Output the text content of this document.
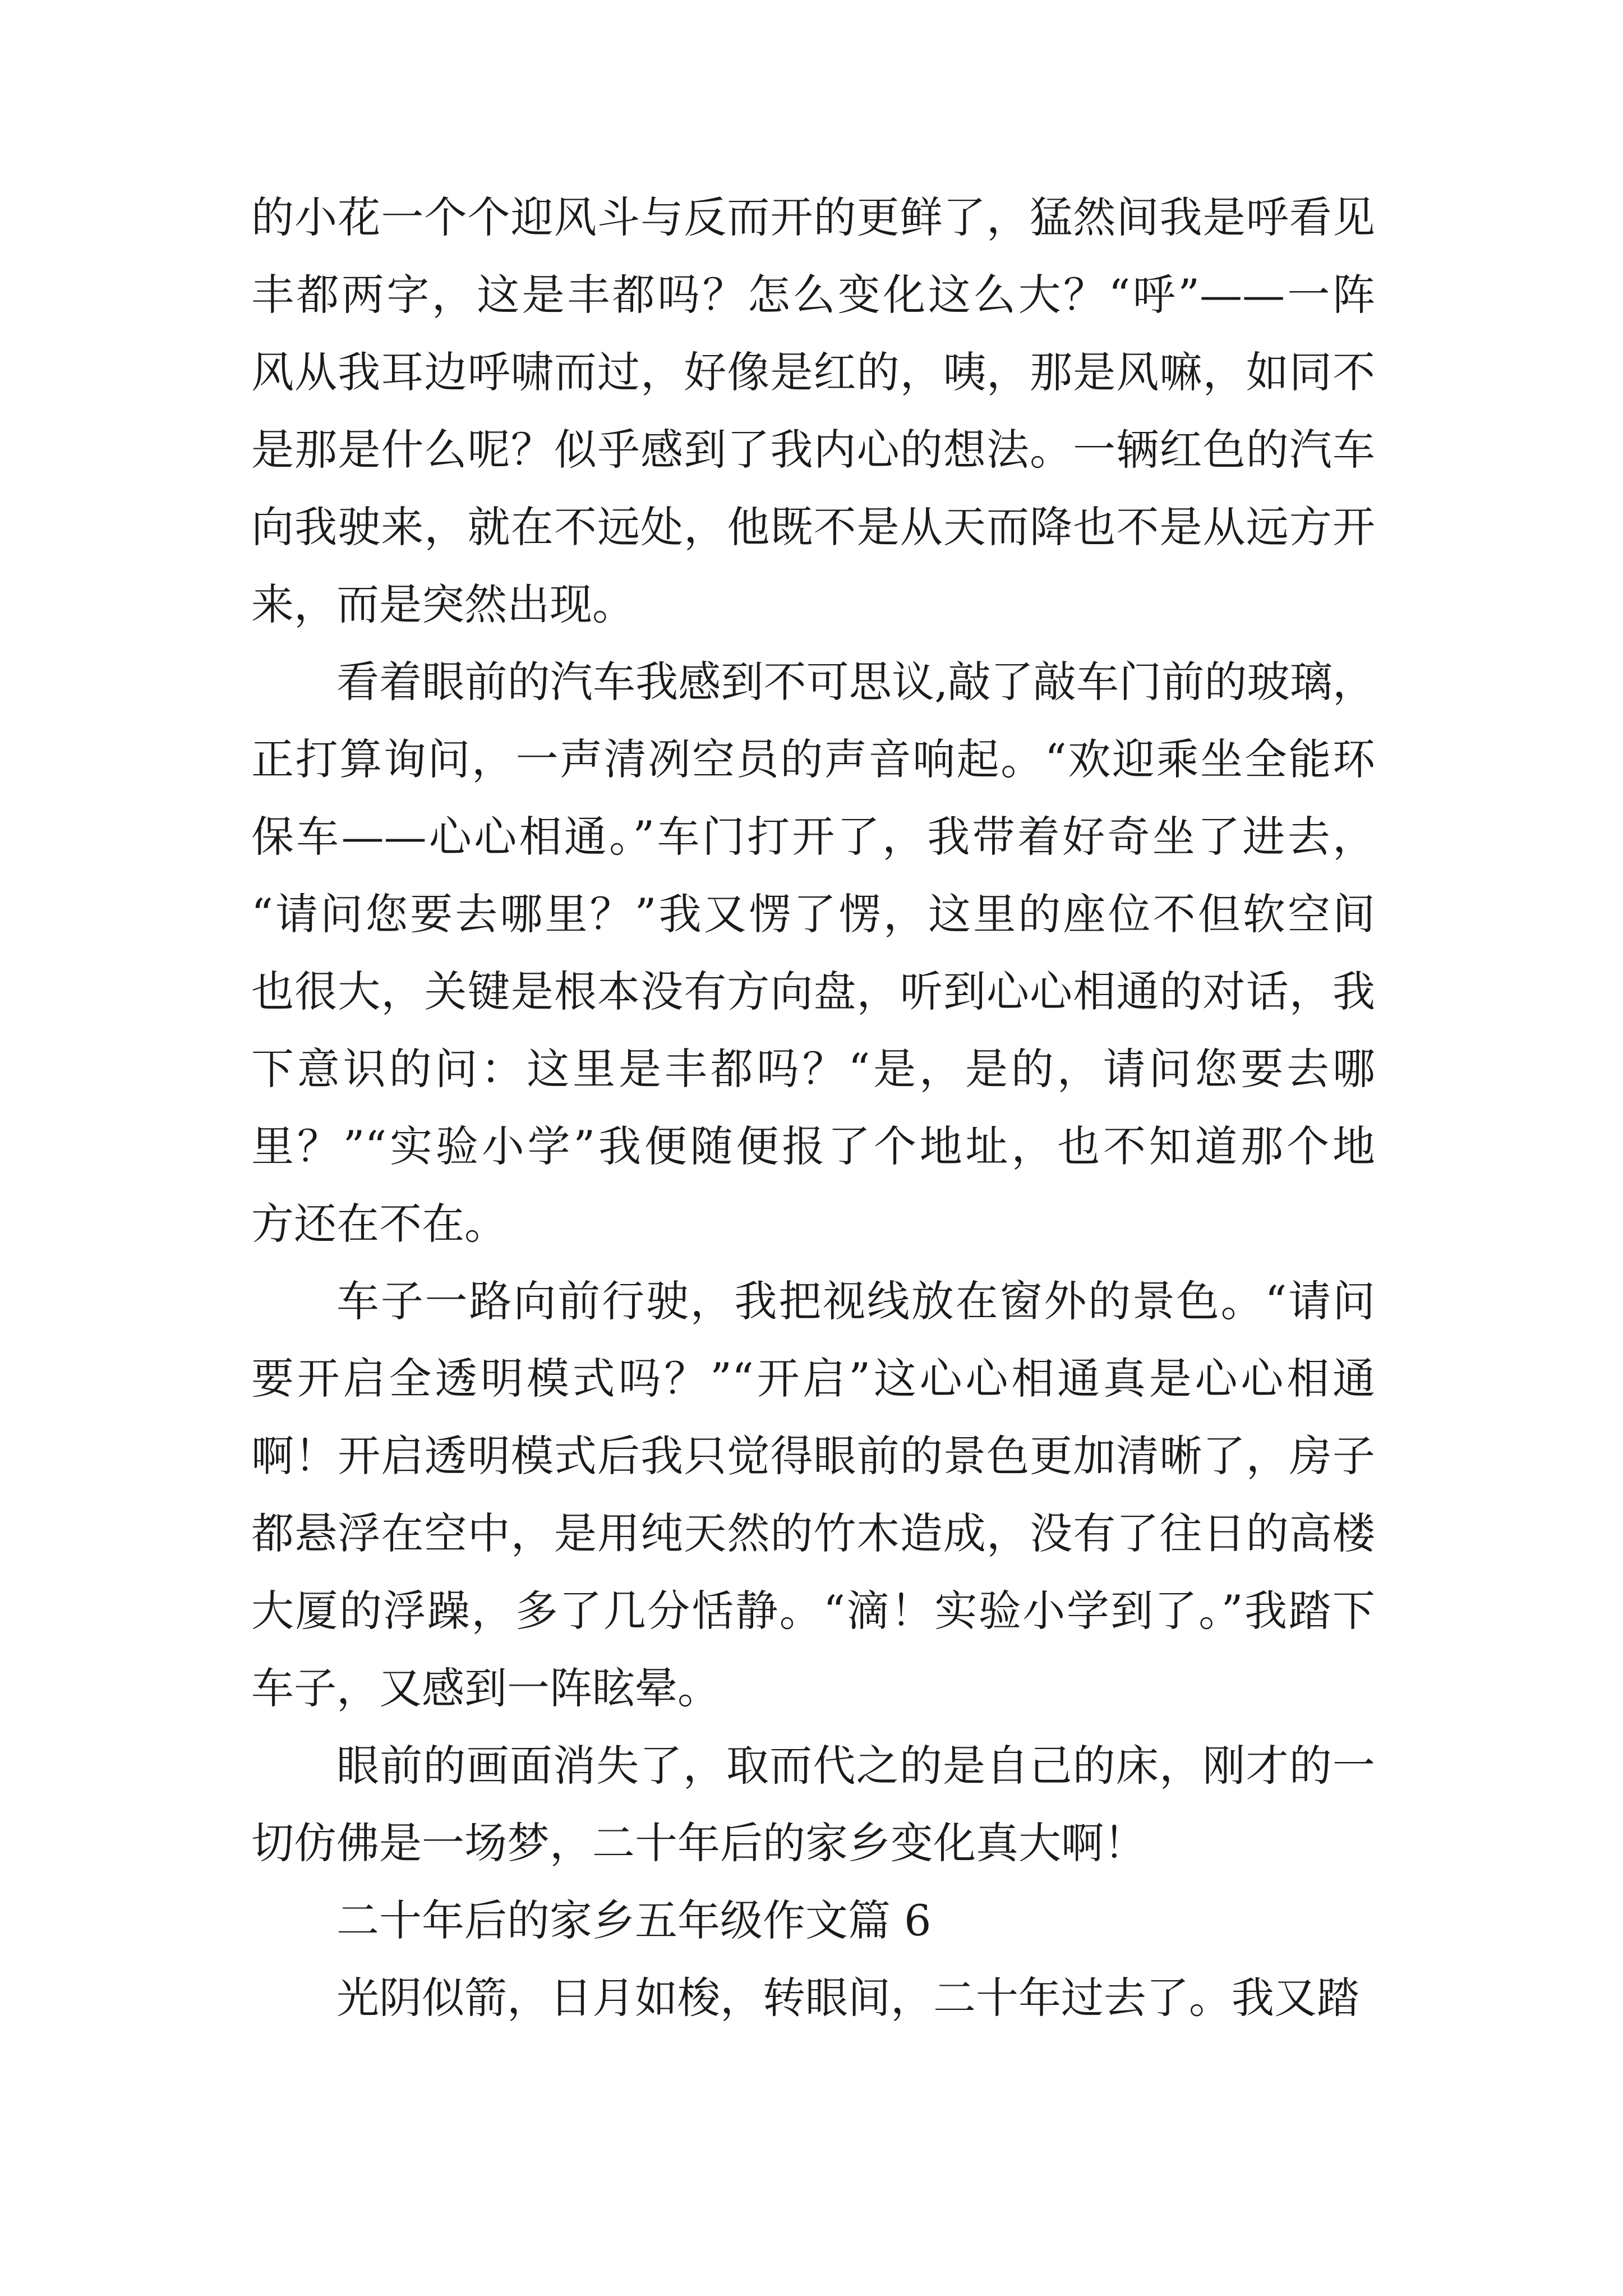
的小花一个个迎风斗与反而开的更鲜了，猛然间我是呼看见
丰都两字，这是丰都吗？怎么变化这么大？“呼”——一阵
风从我耳边呼啸而过，好像是红的，咦，那是风嘛，如同不
是那是什么呢？似乎感到了我内心的想法。一辆红色的汽车
向我驶来，就在不远处，他既不是从天而降也不是从远方开
来，而是突然出现。
看着眼前的汽车我感到不可思议,敲了敲车门前的玻璃，
正打算询问，一声清冽空员的声音响起。“欢迎乘坐全能环
保车——心心相通。”车门打开了，我带着好奇坐了进去，
“请问您要去哪里？”我又愣了愣，这里的座位不但软空间
也很大，关键是根本没有方向盘，听到心心相通的对话，我
下意识的问：这里是丰都吗？“是，是的，请问您要去哪
里？”“实验小学”我便随便报了个地址，也不知道那个地
方还在不在。
车子一路向前行驶，我把视线放在窗外的景色。“请问
要开启全透明模式吗？”“开启”这心心相通真是心心相通
啊！开启透明模式后我只觉得眼前的景色更加清晰了，房子
都悬浮在空中，是用纯天然的竹木造成，没有了往日的高楼
大厦的浮躁，多了几分恬静。“滴！实验小学到了。”我踏下
车子，又感到一阵眩晕。
眼前的画面消失了，取而代之的是自己的床，刚才的一
切仿佛是一场梦，二十年后的家乡变化真大啊！
二十年后的家乡五年级作文篇 6
光阴似箭，日月如梭，转眼间，二十年过去了。我又踏
